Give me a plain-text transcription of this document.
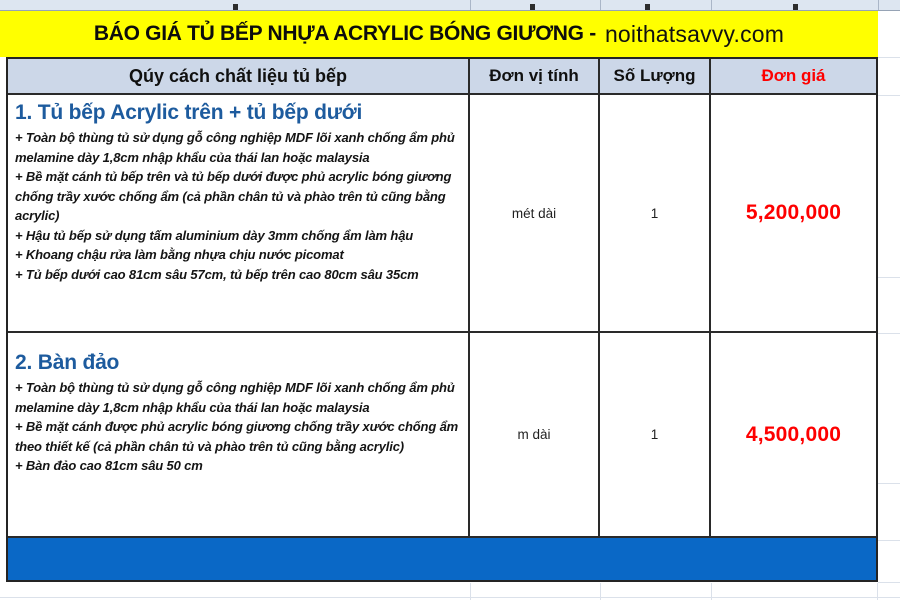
BÁO GIÁ TỦ BẾP NHỰA ACRYLIC BÓNG GIƯƠNG - noithatsavvy.com
Qúy cách chất liệu tủ bếp	Đơn vị tính	Số Lượng	Đơn giá
1. Tủ bếp Acrylic trên + tủ bếp dưới
+ Toàn bộ thùng tủ sử dụng gỗ công nghiệp MDF lõi xanh chống ẩm phủ melamine dày 1,8cm nhập khẩu của thái lan hoặc malaysia
+ Bề mặt cánh tủ bếp trên và tủ bếp dưới được phủ acrylic bóng giương chống trầy xước chống ẩm (cả phần chân tủ và phào trên tủ cũng bằng acrylic)
+ Hậu tủ bếp sử dụng tấm aluminium dày 3mm chống ẩm làm hậu
+ Khoang chậu rửa làm bằng nhựa chịu nước picomat
+ Tủ bếp dưới cao 81cm sâu 57cm, tủ bếp trên cao 80cm sâu 35cm
mét dài	1	5,200,000
2. Bàn đảo
+ Toàn bộ thùng tủ sử dụng gỗ công nghiệp MDF lõi xanh chống ẩm phủ melamine dày 1,8cm nhập khẩu của thái lan hoặc malaysia
+ Bề mặt cánh được phủ acrylic bóng giương chống trầy xước chống ẩm theo thiết kế (cả phần chân tủ và phào trên tủ cũng bằng acrylic)
+ Bàn đảo cao 81cm sâu 50 cm
m dài	1	4,500,000
